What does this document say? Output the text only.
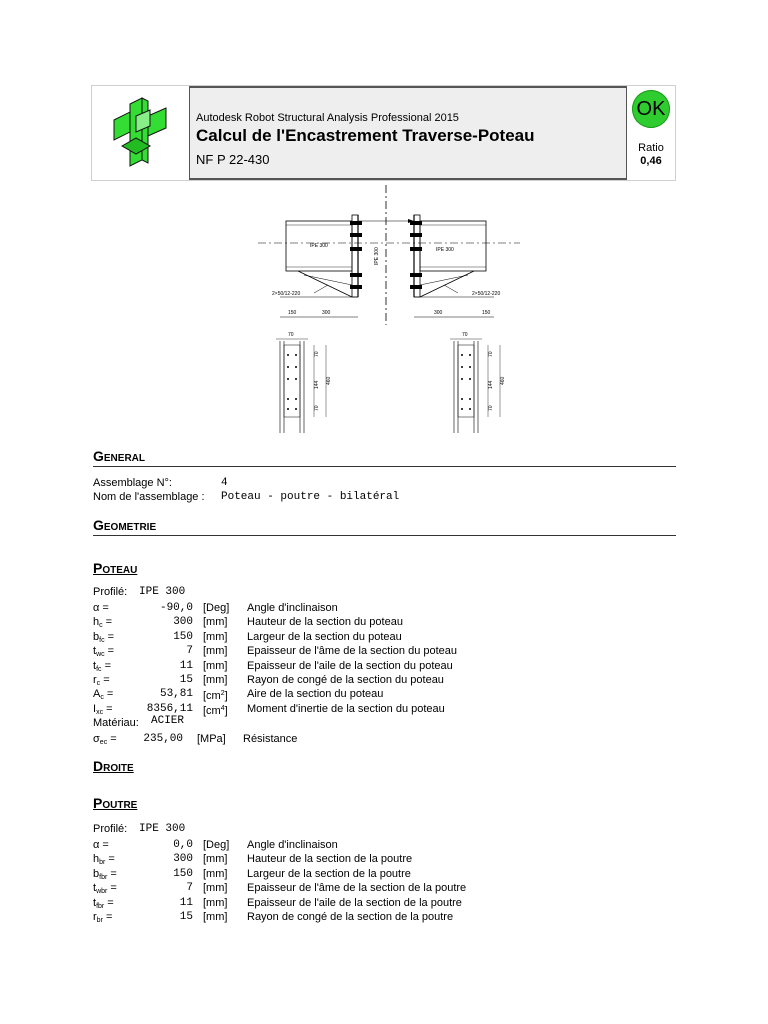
Autodesk Robot Structural Analysis Professional 2015
Calcul de l'Encastrement Traverse-Poteau
NF P 22-430
OK
Ratio
0,46
IPE 300
IPE 300
IPE 300
2×50/12-220	2×50/12-220
150	300	300	150
70
460
70
144
70
70
460
70
144
70
General
Assemblage N°:	4
Nom de l'assemblage : Poteau - poutre - bilatéral
Geometrie
Poteau
Profilé: IPE 300
α =	-90,0 [Deg] Angle d'inclinaison
$h_c$ =	300 [mm] Hauteur de la section du poteau
$b_{fc}$ =	150 [mm] Largeur de la section du poteau
$t_{wc}$ =	7 [mm] Epaisseur de l'âme de la section du poteau
$t_{fc}$ =	11 [mm] Epaisseur de l'aile de la section du poteau
$r_c$ =	15 [mm] Rayon de congé de la section du poteau
$A_c$ =	53,81 $[cm^2]$ Aire de la section du poteau
$I_{xc}$ =	8356,11 $[cm^4]$ Moment d'inertie de la section du poteau
Matériau: ACIER
$\sigma_{ec}$ =	235,00 [MPa] Résistance
Droite
Poutre
Profilé: IPE 300
α =	0,0 [Deg] Angle d'inclinaison
$h_{br}$ =	300 [mm] Hauteur de la section de la poutre
$b_{fbr}$ =	150 [mm] Largeur de la section de la poutre
$t_{wbr}$ =	7 [mm] Epaisseur de l'âme de la section de la poutre
$t_{fbr}$ =	11 [mm] Epaisseur de l'aile de la section de la poutre
$r_{br}$ =	15 [mm] Rayon de congé de la section de la poutre
